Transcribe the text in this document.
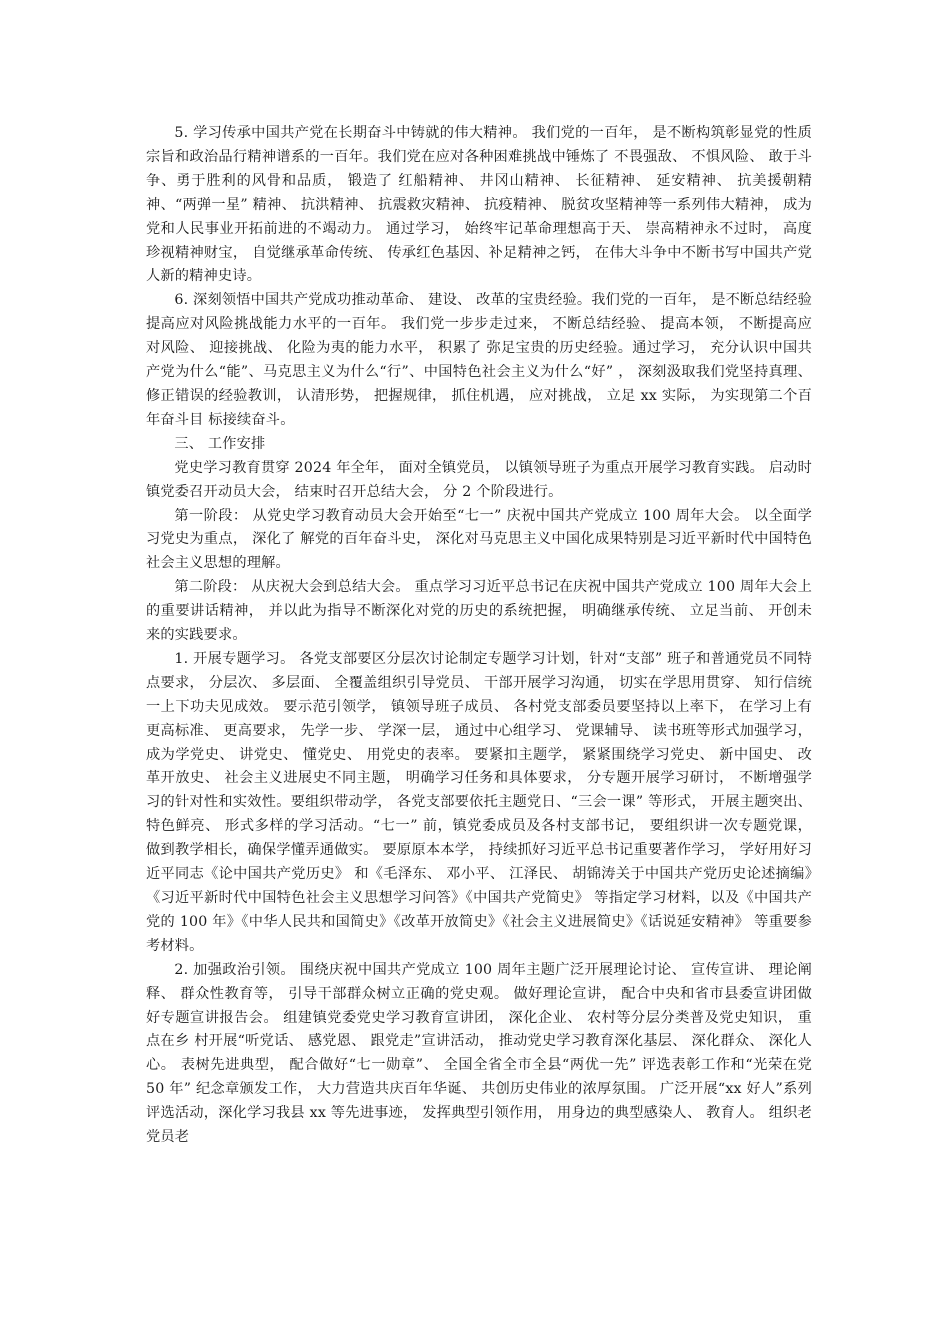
5. 学习传承中国共产党在长期奋斗中铸就的伟大精神。 我们党的一百年， 是不断构筑彰显党的性质宗旨和政治品行精神谱系的一百年。我们党在应对各种困难挑战中锤炼了 不畏强敌、 不惧风险、 敢于斗争、勇于胜利的风骨和品质， 锻造了 红船精神、 井冈山精神、 长征精神、 延安精神、 抗美援朝精神、“两弹一星” 精神、 抗洪精神、 抗震救灾精神、 抗疫精神、 脱贫攻坚精神等一系列伟大精神， 成为党和人民事业开拓前进的不竭动力。 通过学习， 始终牢记革命理想高于天、 崇高精神永不过时， 高度珍视精神财宝， 自觉继承革命传统、 传承红色基因、补足精神之钙， 在伟大斗争中不断书写中国共产党人新的精神史诗。

6. 深刻领悟中国共产党成功推动革命、 建设、 改革的宝贵经验。我们党的一百年， 是不断总结经验提高应对风险挑战能力水平的一百年。 我们党一步步走过来， 不断总结经验、 提高本领， 不断提高应对风险、 迎接挑战、 化险为夷的能力水平， 积累了 弥足宝贵的历史经验。通过学习， 充分认识中国共产党为什么“能”、马克思主义为什么“行”、中国特色社会主义为什么“好” ， 深刻汲取我们党坚持真理、 修正错误的经验教训， 认清形势， 把握规律， 抓住机遇， 应对挑战， 立足 xx 实际， 为实现第二个百年奋斗目 标接续奋斗。

三、 工作安排

党史学习教育贯穿 2024 年全年， 面对全镇党员， 以镇领导班子为重点开展学习教育实践。 启动时镇党委召开动员大会， 结束时召开总结大会， 分 2 个阶段进行。

第一阶段： 从党史学习教育动员大会开始至“七一” 庆祝中国共产党成立 100 周年大会。 以全面学习党史为重点， 深化了 解党的百年奋斗史， 深化对马克思主义中国化成果特别是习近平新时代中国特色社会主义思想的理解。

第二阶段： 从庆祝大会到总结大会。 重点学习习近平总书记在庆祝中国共产党成立 100 周年大会上的重要讲话精神， 并以此为指导不断深化对党的历史的系统把握， 明确继承传统、 立足当前、 开创未来的实践要求。

1. 开展专题学习。 各党支部要区分层次讨论制定专题学习计划，针对“支部” 班子和普通党员不同特点要求， 分层次、 多层面、 全覆盖组织引导党员、 干部开展学习沟通， 切实在学思用贯穿、 知行信统一上下功夫见成效。 要示范引领学， 镇领导班子成员、 各村党支部委员要坚持以上率下， 在学习上有更高标准、 更高要求， 先学一步、 学深一层， 通过中心组学习、 党课辅导、 读书班等形式加强学习， 成为学党史、 讲党史、 懂党史、 用党史的表率。 要紧扣主题学， 紧紧围绕学习党史、 新中国史、 改革开放史、 社会主义进展史不同主题， 明确学习任务和具体要求， 分专题开展学习研讨， 不断增强学习的针对性和实效性。要组织带动学， 各党支部要依托主题党日、“三会一课” 等形式， 开展主题突出、 特色鲜亮、 形式多样的学习活动。“七一” 前，镇党委成员及各村支部书记， 要组织讲一次专题党课， 做到教学相长，确保学懂弄通做实。 要原原本本学， 持续抓好习近平总书记重要著作学习， 学好用好习近平同志《论中国共产党历史》 和《毛泽东、 邓小平、 江泽民、 胡锦涛关于中国共产党历史论述摘编》《习近平新时代中国特色社会主义思想学习问答》《中国共产党简史》 等指定学习材料，以及《中国共产党的 100 年》《中华人民共和国简史》《改革开放简史》《社会主义进展简史》《话说延安精神》 等重要参考材料。

2. 加强政治引领。 围绕庆祝中国共产党成立 100 周年主题广泛开展理论讨论、 宣传宣讲、 理论阐释、 群众性教育等， 引导干部群众树立正确的党史观。 做好理论宣讲， 配合中央和省市县委宣讲团做好专题宣讲报告会。 组建镇党委党史学习教育宣讲团， 深化企业、 农村等分层分类普及党史知识， 重点在乡 村开展“听党话、 感党恩、 跟党走”宣讲活动， 推动党史学习教育深化基层、 深化群众、 深化人心。 表树先进典型， 配合做好“七一勋章”、 全国全省全市全县“两优一先” 评选表彰工作和“光荣在党 50 年” 纪念章颁发工作， 大力营造共庆百年华诞、 共创历史伟业的浓厚氛围。 广泛开展“xx 好人”系列评选活动，深化学习我县 xx 等先进事迹， 发挥典型引领作用， 用身边的典型感染人、 教育人。 组织老党员老
